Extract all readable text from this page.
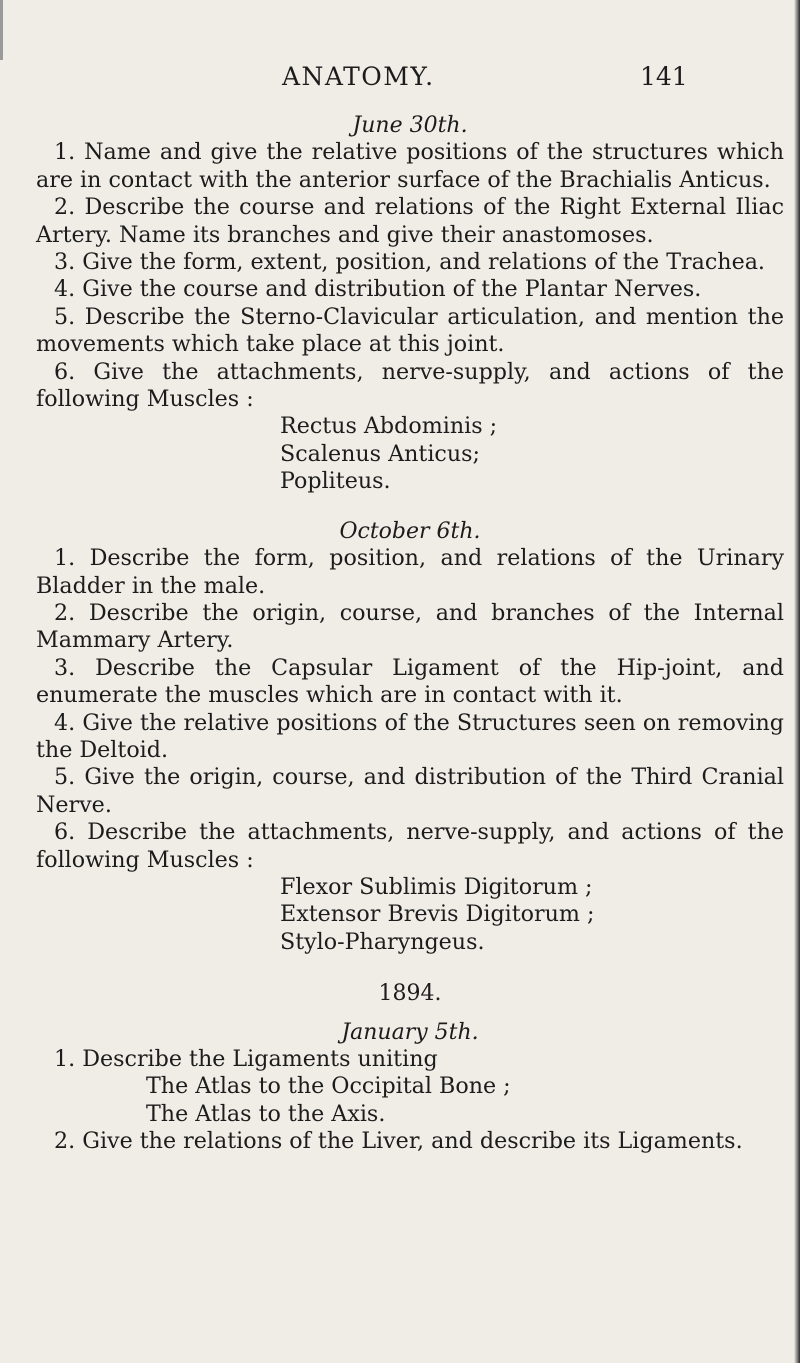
ANATOMY.	141
June 30th.

1. Name and give the relative positions of the structures which are in contact with the anterior surface of the Brachialis Anticus.

2. Describe the course and relations of the Right External Iliac Artery. Name its branches and give their anastomoses.

3. Give the form, extent, position, and relations of the Trachea.

4. Give the course and distribution of the Plantar Nerves.

5. Describe the Sterno-Clavicular articulation, and mention the movements which take place at this joint.

6. Give the attachments, nerve-supply, and actions of the following Muscles :

Rectus Abdominis ;

Scalenus Anticus;

Popliteus.

October 6th.

1. Describe the form, position, and relations of the Urinary Bladder in the male.

2. Describe the origin, course, and branches of the Internal Mammary Artery.

3. Describe the Capsular Ligament of the Hip-joint, and enumerate the muscles which are in contact with it.

4. Give the relative positions of the Structures seen on removing the Deltoid.

5. Give the origin, course, and distribution of the Third Cranial Nerve.

6. Describe the attachments, nerve-supply, and actions of the following Muscles :

Flexor Sublimis Digitorum ;

Extensor Brevis Digitorum ;

Stylo-Pharyngeus.

1894.
January 5th.

1. Describe the Ligaments uniting

The Atlas to the Occipital Bone ;

The Atlas to the Axis.

2. Give the relations of the Liver, and describe its Ligaments.
